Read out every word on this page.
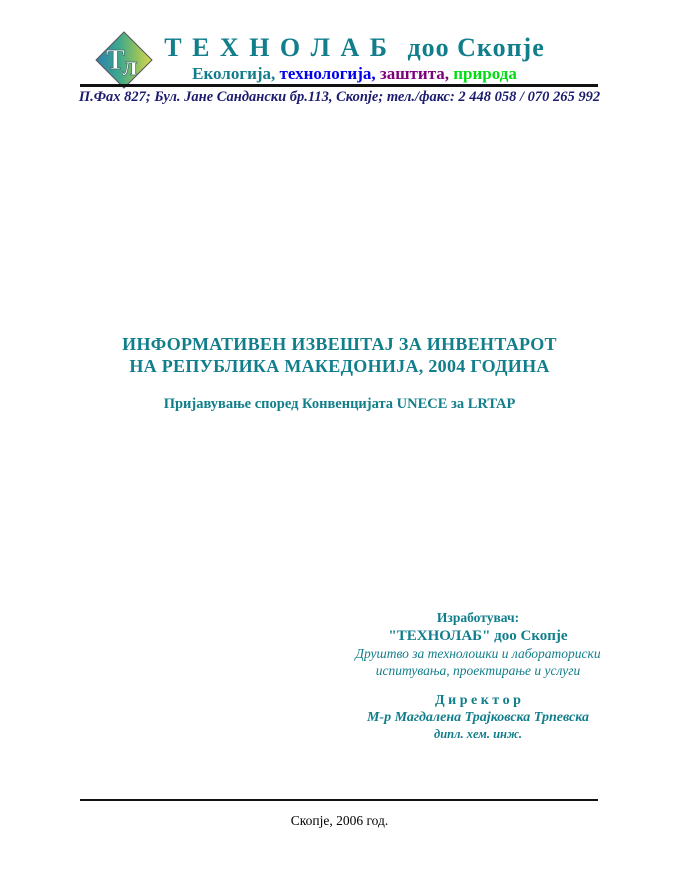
Т
л
Т Е Х Н О Л А Б доо Скопје
Екологија, технологија, заштита, природа
П.Фах 827; Бул. Јане Сандански бр.113, Скопје; тел./факс: 2 448 058 / 070 265 992
ИНФОРМАТИВЕН ИЗВЕШТАЈ ЗА ИНВЕНТАРОТ
НА РЕПУБЛИКА МАКЕДОНИЈА, 2004 ГОДИНА
Пријавување според Конвенцијата UNECE за LRTAP
Изработувач:
"ТЕХНОЛАБ" доо Скопје
Друштво за технолошки и лабораториски
испитувања, проектирање и услуги
Д и р е к т о р
М-р Магдалена Трајковска Трпевска
дипл. хем. инж.
Скопје, 2006 год.
